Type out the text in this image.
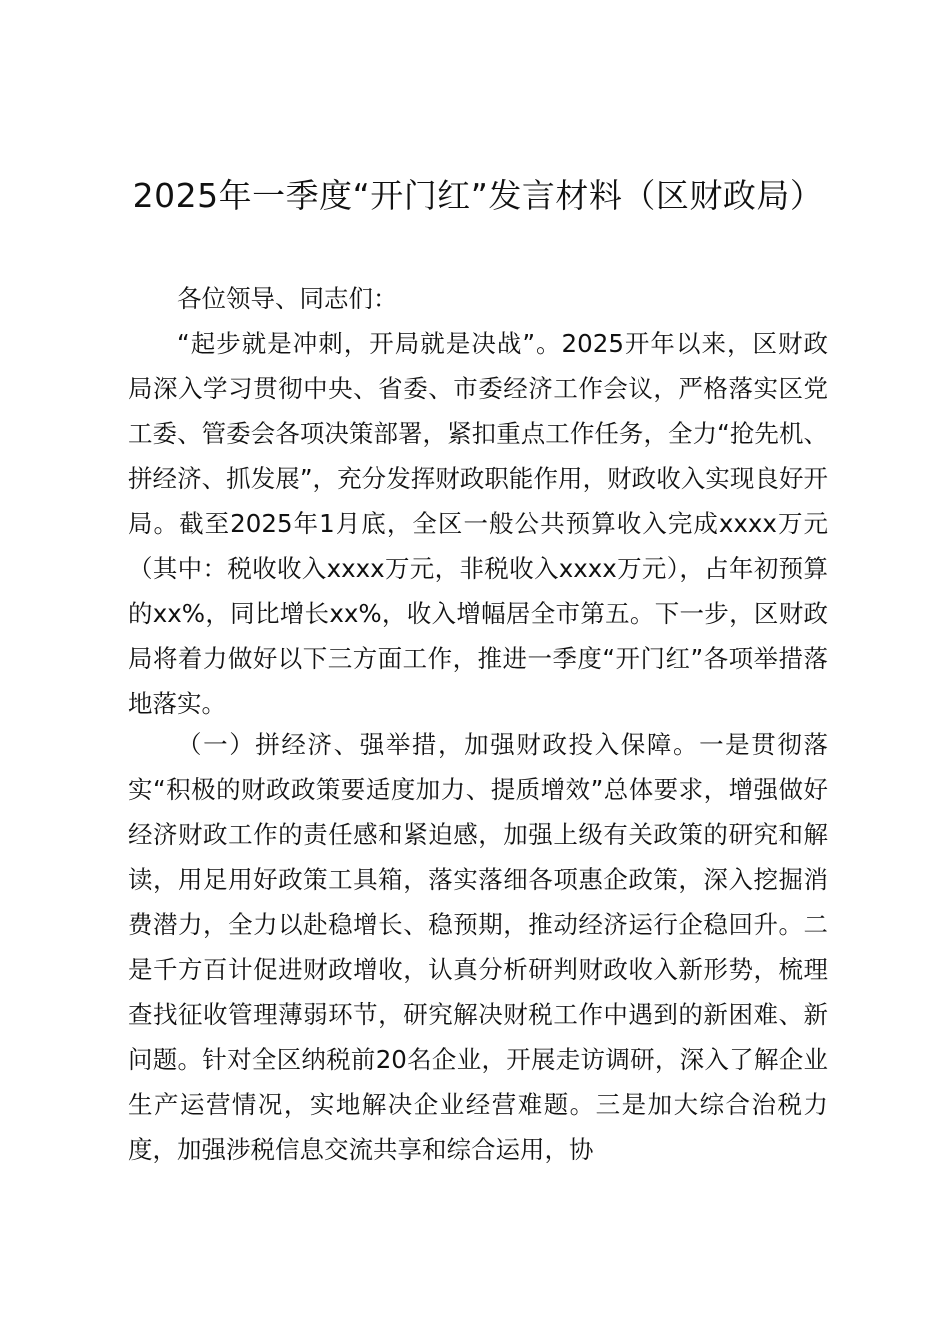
2025年一季度“开门红”发言材料（区财政局）

各位领导、同志们：

“起步就是冲刺，开局就是决战”。2025开年以来，区财政局深入学习贯彻中央、省委、市委经济工作会议，严格落实区党工委、管委会各项决策部署，紧扣重点工作任务，全力“抢先机、拼经济、抓发展”，充分发挥财政职能作用，财政收入实现良好开局。截至2025年1月底，全区一般公共预算收入完成xxxx万元（其中：税收收入xxxx万元，非税收入xxxx万元），占年初预算的xx%，同比增长xx%，收入增幅居全市第五。下一步，区财政局将着力做好以下三方面工作，推进一季度“开门红”各项举措落地落实。

（一）拼经济、强举措，加强财政投入保障。一是贯彻落实“积极的财政政策要适度加力、提质增效”总体要求，增强做好经济财政工作的责任感和紧迫感，加强上级有关政策的研究和解读，用足用好政策工具箱，落实落细各项惠企政策，深入挖掘消费潜力，全力以赴稳增长、稳预期，推动经济运行企稳回升。二是千方百计促进财政增收，认真分析研判财政收入新形势，梳理查找征收管理薄弱环节，研究解决财税工作中遇到的新困难、新问题。针对全区纳税前20名企业，开展走访调研，深入了解企业生产运营情况，实地解决企业经营难题。三是加大综合治税力度，加强涉税信息交流共享和综合运用，协
